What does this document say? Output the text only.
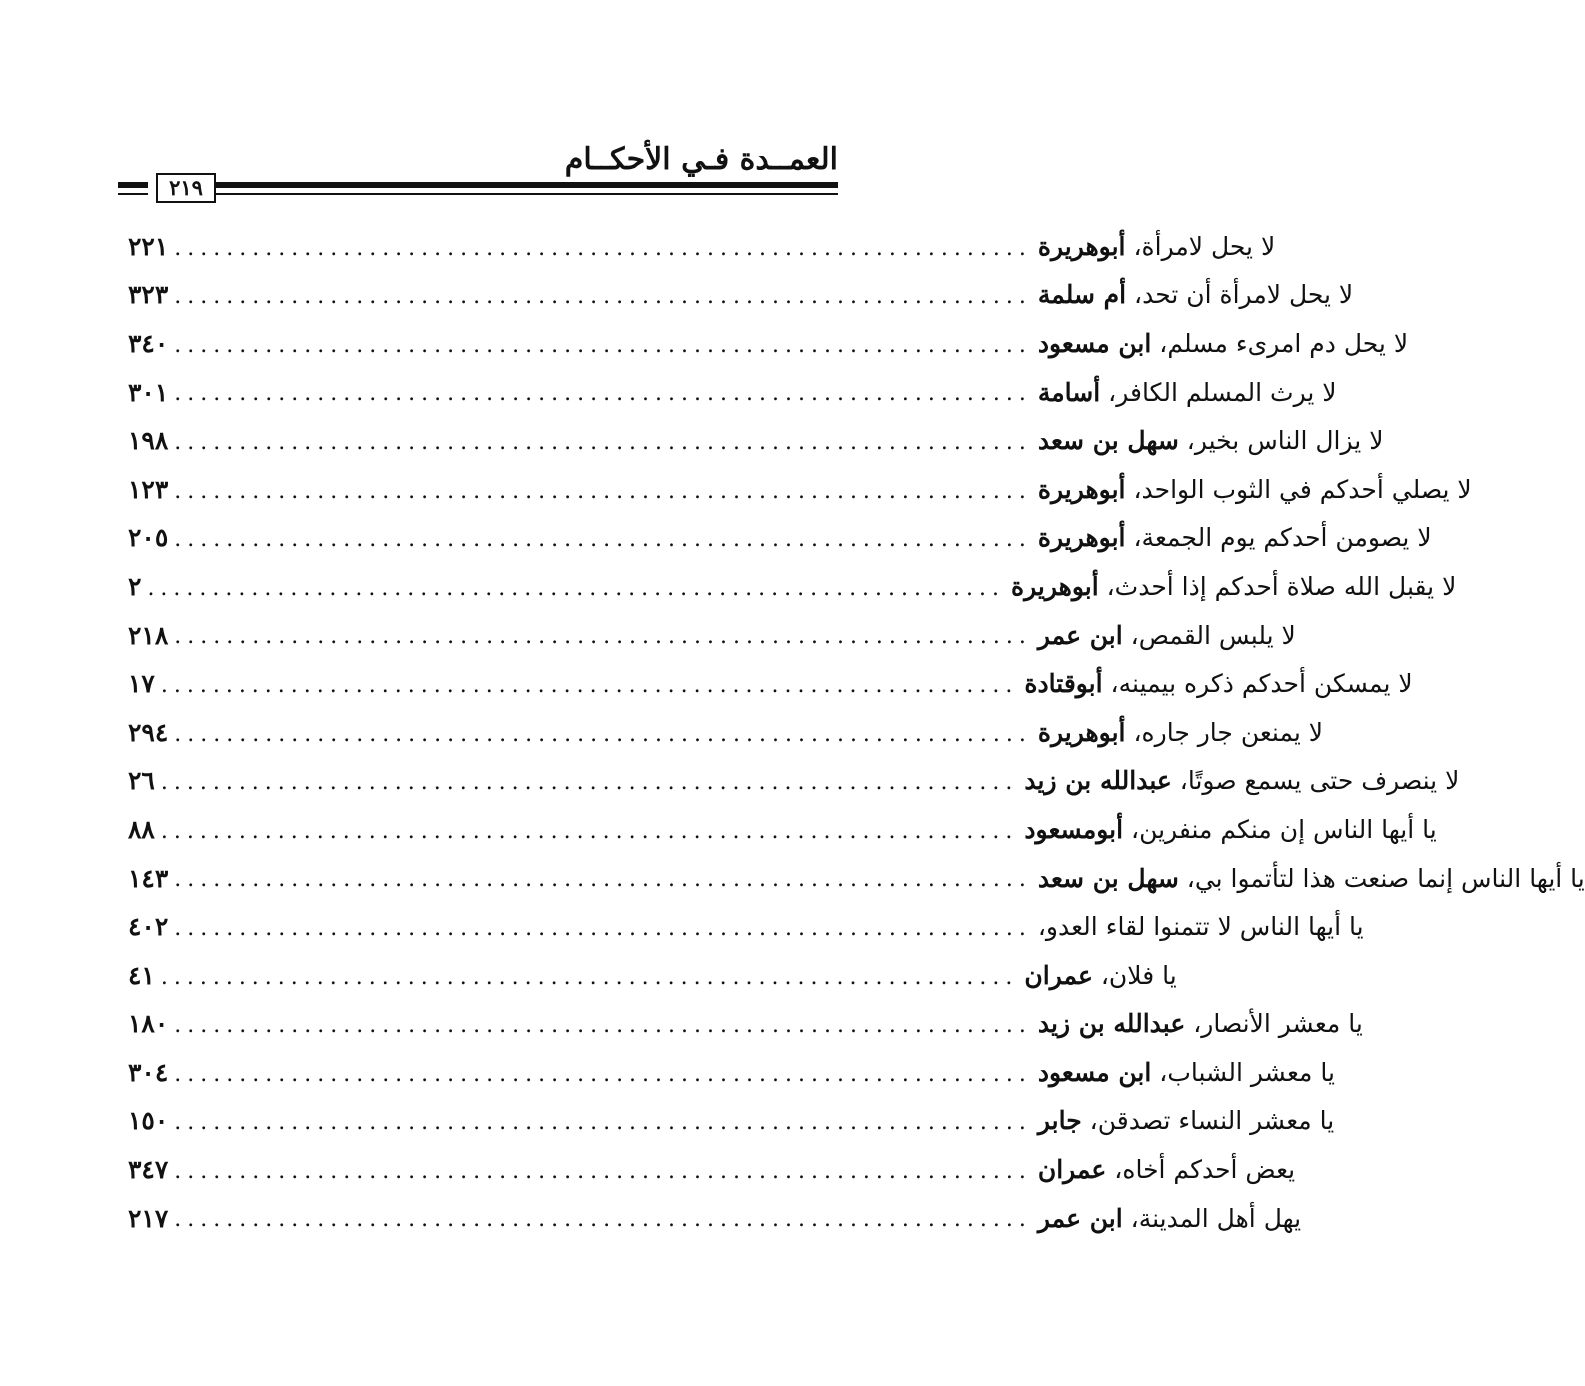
العمــدة فـي الأحكــام
٢١٩
٢٢١ ..................................................................	لا يحل لامرأة، أبوهريرة
٣٢٣ ..................................................................	لا يحل لامرأة أن تحد، أم سلمة
٣٤٠ ..................................................................	لا يحل دم امرىء مسلم، ابن مسعود
٣٠١ ..................................................................	لا يرث المسلم الكافر، أسامة
١٩٨ ..................................................................	لا يزال الناس بخير، سهل بن سعد
١٢٣ ..................................................................	لا يصلي أحدكم في الثوب الواحد، أبوهريرة
٢٠٥ ..................................................................	لا يصومن أحدكم يوم الجمعة، أبوهريرة
٢ ..................................................................	لا يقبل الله صلاة أحدكم إذا أحدث، أبوهريرة
٢١٨ ..................................................................	لا يلبس القمص، ابن عمر
١٧ ..................................................................	لا يمسكن أحدكم ذكره بيمينه، أبوقتادة
٢٩٤ ..................................................................	لا يمنعن جار جاره، أبوهريرة
٢٦ ..................................................................	لا ينصرف حتى يسمع صوتًا، عبدالله بن زيد
٨٨ ..................................................................	يا أيها الناس إن منكم منفرين، أبومسعود
١٤٣ ..................................................................	يا أيها الناس إنما صنعت هذا لتأتموا بي، سهل بن سعد
٤٠٢ .................................................................. يا أيها الناس لا تتمنوا لقاء العدو،
٤١ ..................................................................	يا فلان، عمران
١٨٠ ..................................................................	يا معشر الأنصار، عبدالله بن زيد
٣٠٤ ..................................................................	يا معشر الشباب، ابن مسعود
١٥٠ ..................................................................	يا معشر النساء تصدقن، جابر
٣٤٧ ..................................................................	يعض أحدكم أخاه، عمران
٢١٧ ..................................................................	يهل أهل المدينة، ابن عمر
